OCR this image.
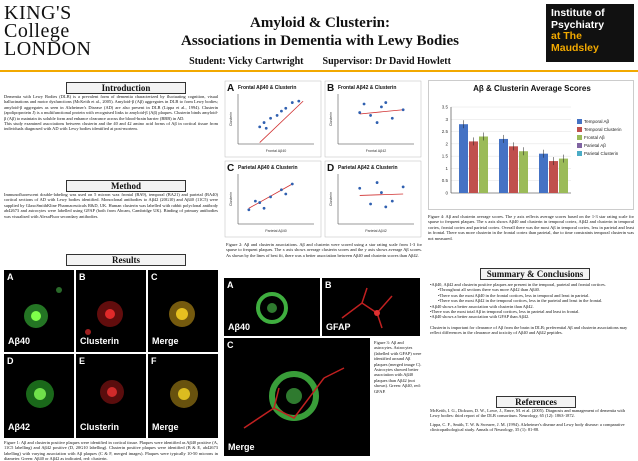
KING'S
College
LONDON
Amyloid & Clusterin:
Associations in Dementia with Lewy Bodies
Student: Vicky Cartwright Supervisor: Dr David Howlett
Institute of
Psychiatry
at The Maudsley
Introduction

Dementia with Lewy Bodies (DLB) is a prevalent form of dementia characterized by fluctuating cognition, visual hallucinations and motor dysfunctions (McKeith et al., 2005). Amyloid-β (Aβ) aggregates in DLB to form Lewy bodies; amyloid-β aggregates as seen in Alzheimer's Disease (AD) are also present in DLB (Lippa et al., 1994). Clusterin (apolipoprotein J) is a multifunctional protein with recognised links to amyloid-β (Aβ) plaques. Clusterin binds amyloid-β (Aβ) to maintain its soluble form and enhance clearance across the blood-brain barrier (BBB) in AD.

This study examined associations between clusterin and the 40 and 42 amino acid forms of Aβ in cortical tissue from individuals diagnosed with AD with Lewy bodies identified at post-mortem.

Method
Immunofluorescent double-labeling was used on 5 micron wax frontal (BA9), temporal (BA21) and parietal (BA40) cortical sections of AD with Lewy bodies identified. Monoclonal antibodies to Aβ42 (20G10) and Aβ40 (11C5) were supplied by GlaxoSmithKline Pharmaceuticals R&D, UK. Human clusterin was labelled with rabbit polyclonal antibody ab42673 and astrocytes were labelled using GFAP (both from Abcam, Cambridge UK). Binding of primary antibodies was visualised with AlexaFluor secondary antibodies.
Results
A
Aβ40
B
Clusterin
C
Merge
D
Aβ42
E
Clusterin
F
Merge
Figure 1: Aβ and clusterin positive plaques were identified in cortical tissue. Plaques were identified as Aβ40 positive (A, 11C5 labelling) and Aβ42 positive (D, 20G10 labelling). Clusterin positive plaques were identified (B & E, ab42673 labelling) with varying association with Aβ plaques (C & F, merged images). Plaques were typically 10-50 microns in diameter. Green: Aβ40 or Aβ42 as indicated, red: clusterin.
A Frontal Aβ40 & Clusterin
Frontal Aβ40
Clusterin
B Frontal Aβ42 & Clusterin
Frontal Aβ42
Clusterin
C Parietal Aβ40 & Clusterin
Parietal Aβ40
Clusterin
D Parietal Aβ42 & Clusterin
Parietal Aβ42
Clusterin
Figure 2: Aβ and clusterin associations. Aβ and clusterin were scored using a star rating scale from 1-3 for sparse to frequent plaques. The x axis shows average clusterin scores and the y axis shows average Aβ scores. As shown by the lines of best fit, there was a better association between Aβ40 and clusterin scores than Aβ42.
A
Aβ40
B
GFAP
C
Merge
Figure 3: Aβ and astrocytes. Astrocytes (labelled with GFAP) were identified around Aβ plaques (merged image C). Astrocytes showed better association with Aβ40 plaques than Aβ42 (not shown). Green: Aβ40, red: GFAP.
Aβ & Clusterin Average Scores
0
0.5
1
1.5
2
2.5
3
3.5
Temporal Aβ
Temporal Clusterin
Frontal Aβ
Parietal Aβ
Parietal Clusterin
Figure 4: Aβ and clusterin average scores. The y axis reflects average scores based on the 1-3 star rating scale for sparse to frequent plaques. The x axis shows Aβ40 and clusterin in temporal cortex, Aβ42 and clusterin in temporal cortex, frontal cortex and parietal cortex. Overall there was the most Aβ in temporal cortex, less in parietal and least in frontal. There was more clusterin in the frontal cortex than parietal, due to time constraints temporal clusterin was not measured.
Summary & Conclusions

•Aβ40, Aβ42 and clusterin positive plaques are present in the temporal, parietal and frontal cortices.

•Throughout all sections there was more Aβ42 than Aβ40.

•There was the most Aβ40 in the frontal cortices, less in temporal and least in parietal.

•There was the most Aβ42 in the temporal cortices, less in the parietal and least in the frontal.

•Aβ40 shows a better association with clusterin than Aβ42.

•There was the most total Aβ in temporal cortices, less in parietal and least in frontal.

•Aβ40 shows a better association with GFAP than Aβ42.

Clusterin is important for clearance of Aβ from the brain in DLB; preferential Aβ and clusterin associations may reflect differences in the clearance and toxicity of Aβ40 and Aβ42 peptides.

References

McKeith, I. G., Dickson, D. W., Lowe, J., Emre, M. et al. (2005). Diagnosis and management of dementia with Lewy bodies: third report of the DLB consortium. Neurology, 65 (12): 1863-1872.

Lippa, C. F., Smith, T. W. & Swearer, J. M. (1994). Alzheimer's disease and Lewy body disease: a comparative clinicopathological study. Annals of Neurology, 35 (1): 81-88.
